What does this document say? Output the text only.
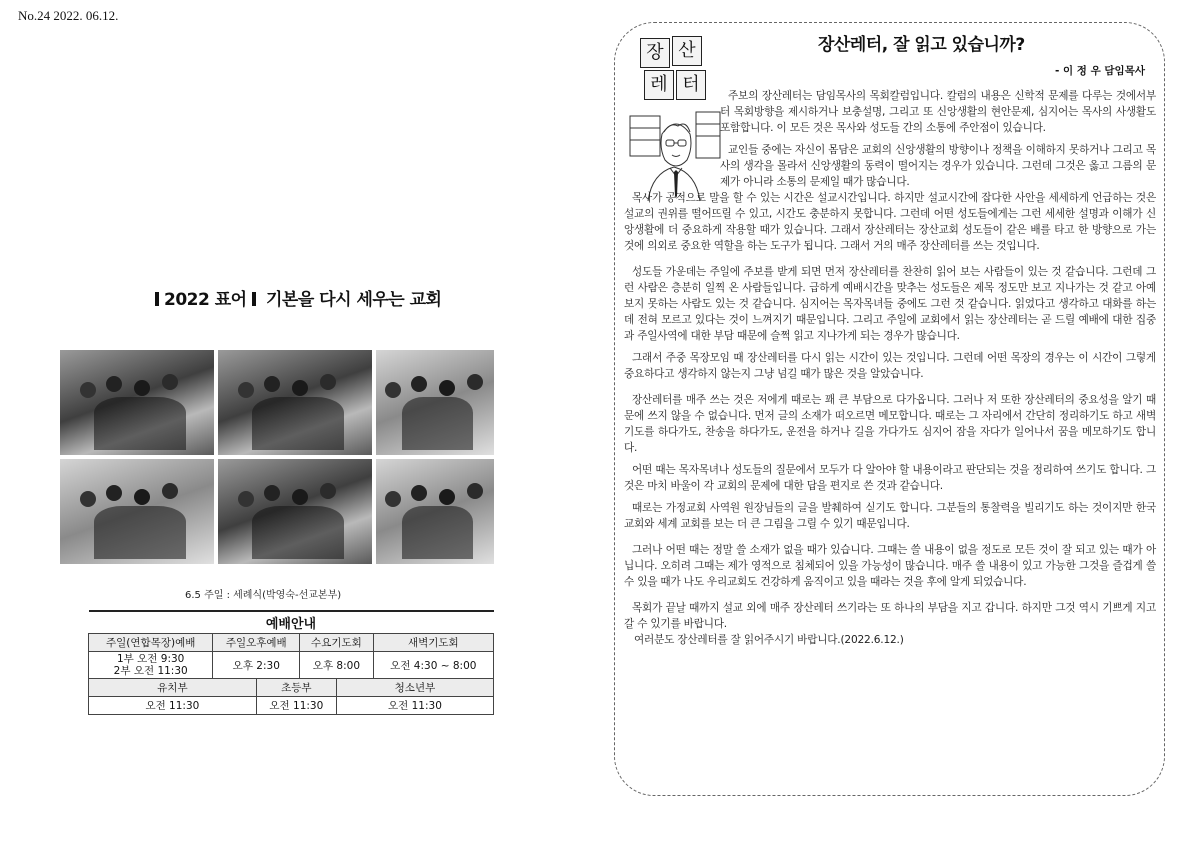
No.24 2022. 06.12.
2022 표어 기본을 다시 세우는 교회
6.5 주일 : 세례식(박영숙-선교본부)
예배안내					
주일(연합목장)예배	주일오후예배		수요기도회		새벽기도회

1부 오전 9:30
2부 오전 11:30	오후 2:30		오후 8:00		오전 4:30 ~ 8:00
유치부		초등부		청소년부	
오전 11:30		오전 11:30		오전 11:30	
장 산
레 터
장산레터, 잘 읽고 있습니까?
- 이 정 우 담임목사

주보의 장산레터는 담임목사의 목회칼럼입니다. 칼럼의 내용은 신학적 문제를 다루는 것에서부터 목회방향을 제시하거나 보충설명, 그리고 또 신앙생활의 현안문제, 심지어는 목사의 사생활도 포함합니다. 이 모든 것은 목사와 성도들 간의 소통에 주안점이 있습니다.

교인들 중에는 자신이 몸담은 교회의 신앙생활의 방향이나 정책을 이해하지 못하거나 그리고 목사의 생각을 몰라서 신앙생활의 동력이 떨어지는 경우가 있습니다. 그런데 그것은 옳고 그름의 문제가 아니라 소통의 문제일 때가 많습니다.

목사가 공적으로 말을 할 수 있는 시간은 설교시간입니다. 하지만 설교시간에 잡다한 사안을 세세하게 언급하는 것은 설교의 권위를 떨어뜨릴 수 있고, 시간도 충분하지 못합니다. 그런데 어떤 성도들에게는 그런 세세한 설명과 이해가 신앙생활에 더 중요하게 작용할 때가 있습니다. 그래서 장산레터는 장산교회 성도들이 같은 배를 타고 한 방향으로 가는 것에 의외로 중요한 역할을 하는 도구가 됩니다. 그래서 거의 매주 장산레터를 쓰는 것입니다.

성도들 가운데는 주일에 주보를 받게 되면 먼저 장산레터를 찬찬히 읽어 보는 사람들이 있는 것 같습니다. 그런데 그런 사람은 층분히 일찍 온 사람들입니다. 급하게 예배시간을 맞추는 성도들은 제목 정도만 보고 지나가는 것 같고 아예 보지 못하는 사람도 있는 것 같습니다. 심지어는 목자목녀들 중에도 그런 것 같습니다. 읽었다고 생각하고 대화를 하는데 전혀 모르고 있다는 것이 느껴지기 때문입니다. 그리고 주일에 교회에서 읽는 장산레터는 곧 드릴 예배에 대한 집중과 주일사역에 대한 부담 때문에 슬쩍 읽고 지나가게 되는 경우가 많습니다.

그래서 주중 목장모임 때 장산레터를 다시 읽는 시간이 있는 것입니다. 그런데 어떤 목장의 경우는 이 시간이 그렇게 중요하다고 생각하지 않는지 그냥 넘길 때가 많은 것을 알았습니다.

장산레터를 매주 쓰는 것은 저에게 때로는 꽤 큰 부담으로 다가옵니다. 그러나 저 또한 장산레터의 중요성을 알기 때문에 쓰지 않을 수 없습니다. 먼저 글의 소재가 떠오르면 메모합니다. 때로는 그 자리에서 간단히 정리하기도 하고 새벽기도를 하다가도, 찬송을 하다가도, 운전을 하거나 길을 가다가도 심지어 잠을 자다가 일어나서 꿈을 메모하기도 합니다.

어떤 때는 목자목녀나 성도들의 질문에서 모두가 다 알아야 할 내용이라고 판단되는 것을 정리하여 쓰기도 합니다. 그것은 마치 바울이 각 교회의 문제에 대한 답을 편지로 쓴 것과 같습니다.

때로는 가정교회 사역원 원장님들의 글을 발췌하여 싣기도 합니다. 그분들의 통찰력을 빌리기도 하는 것이지만 한국교회와 세계 교회를 보는 더 큰 그림을 그릴 수 있기 때문입니다.

그러나 어떤 때는 정말 쓸 소재가 없을 때가 있습니다. 그때는 쓸 내용이 없을 정도로 모든 것이 잘 되고 있는 때가 아닙니다. 오히려 그때는 제가 영적으로 침체되어 있을 가능성이 많습니다. 매주 쓸 내용이 있고 가능한 그것을 즐겁게 쓸 수 있을 때가 나도 우리교회도 건강하게 움직이고 있을 때라는 것을 후에 알게 되었습니다.

목회가 끝날 때까지 설교 외에 매주 장산레터 쓰기라는 또 하나의 부담을 지고 갑니다. 하지만 그것 역시 기쁘게 지고 갈 수 있기를 바랍니다.

여러분도 장산레터를 잘 읽어주시기 바랍니다.(2022.6.12.)
